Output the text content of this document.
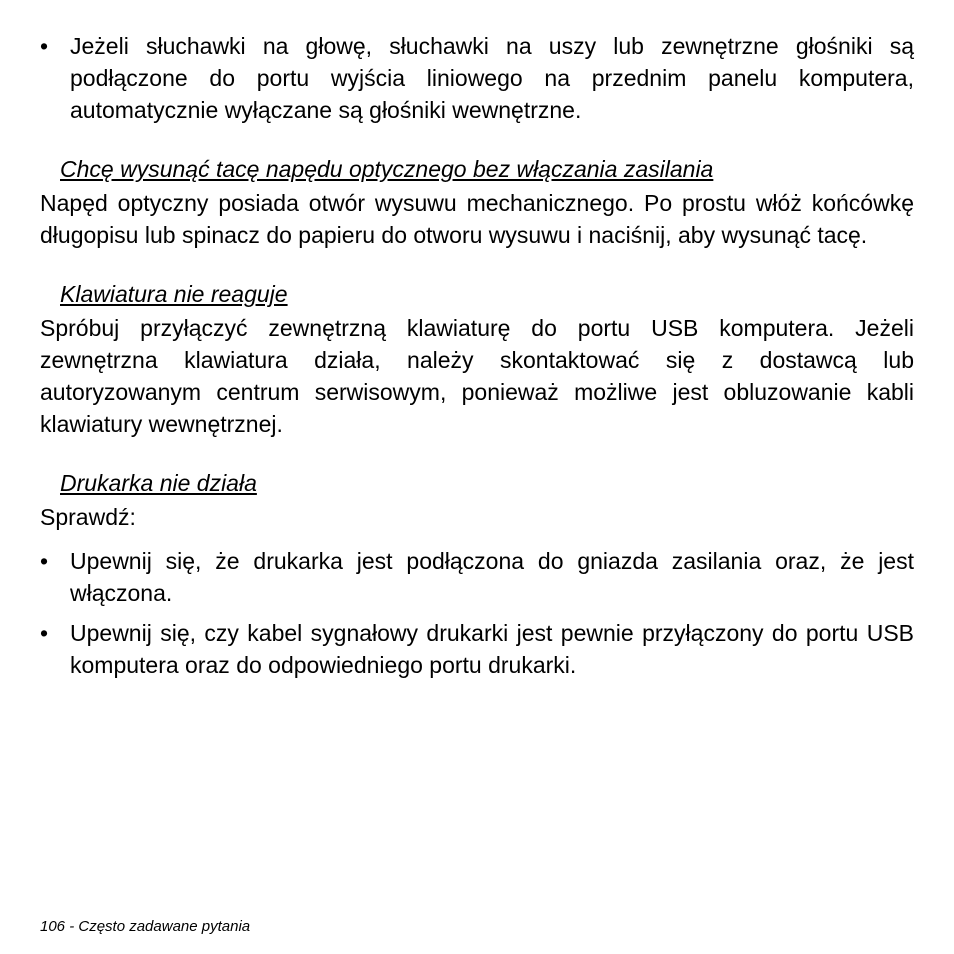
• Jeżeli słuchawki na głowę, słuchawki na uszy lub zewnętrzne głośniki są podłączone do portu wyjścia liniowego na przednim panelu komputera, automatycznie wyłączane są głośniki wewnętrzne.
Chcę wysunąć tacę napędu optycznego bez włączania zasilania
Napęd optyczny posiada otwór wysuwu mechanicznego. Po prostu włóż końcówkę długopisu lub spinacz do papieru do otworu wysuwu i naciśnij, aby wysunąć tacę.
Klawiatura nie reaguje
Spróbuj przyłączyć zewnętrzną klawiaturę do portu USB komputera. Jeżeli zewnętrzna klawiatura działa, należy skontaktować się z dostawcą lub autoryzowanym centrum serwisowym, ponieważ możliwe jest obluzowanie kabli klawiatury wewnętrznej.
Drukarka nie działa
Sprawdź:
• Upewnij się, że drukarka jest podłączona do gniazda zasilania oraz, że jest włączona.
• Upewnij się, czy kabel sygnałowy drukarki jest pewnie przyłączony do portu USB komputera oraz do odpowiedniego portu drukarki.
106 - Często zadawane pytania
